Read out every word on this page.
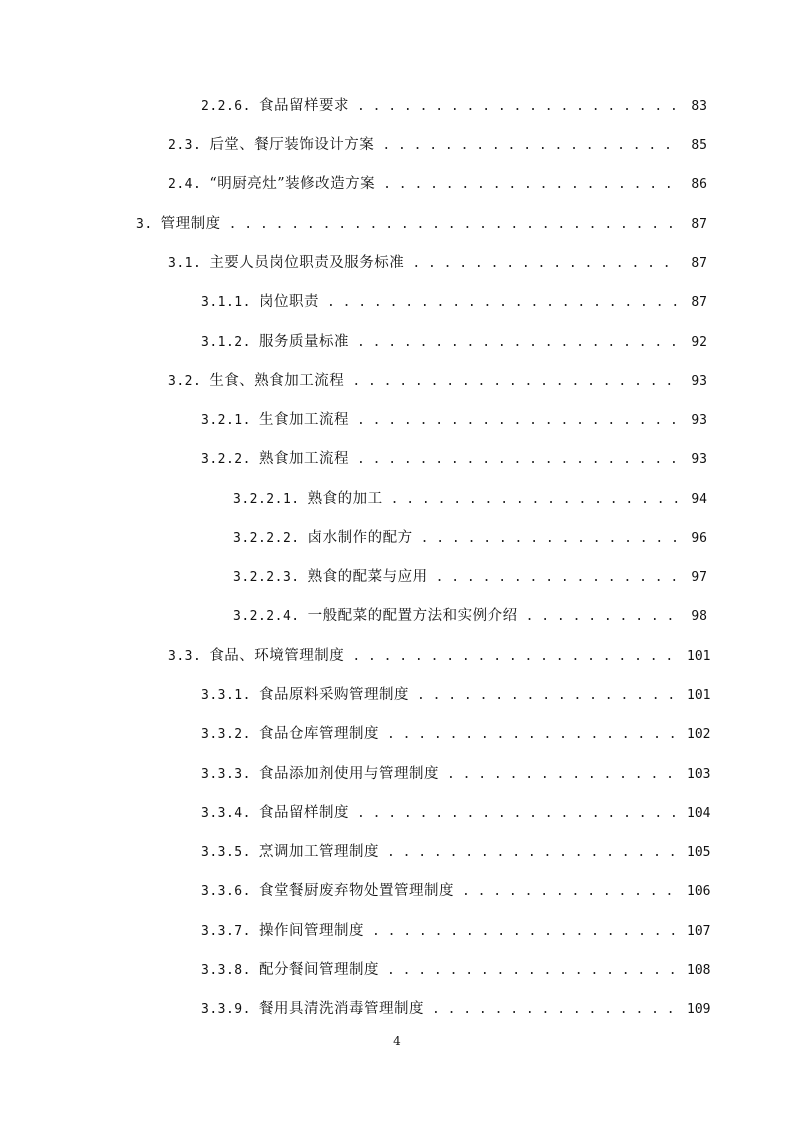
2.2.6. 食品留样要求 . . .	83
2.3. 后堂、餐厅装饰设计方案 . . .	85
2.4. “明厨亮灶”装修改造方案 . . .	86
3. 管理制度 . . .	87
3.1. 主要人员岗位职责及服务标准 . . .	87
3.1.1. 岗位职责 . . .	87
3.1.2. 服务质量标准 . . .	92
3.2. 生食、熟食加工流程 . . .	93
3.2.1. 生食加工流程 . . .	93
3.2.2. 熟食加工流程 . . .	93
3.2.2.1. 熟食的加工 . . .	94
3.2.2.2. 卤水制作的配方 . . .	96
3.2.2.3. 熟食的配菜与应用 . . .	97
3.2.2.4. 一般配菜的配置方法和实例介绍 . . .	98
3.3. 食品、环境管理制度 . . .	101
3.3.1. 食品原料采购管理制度 . . .	101
3.3.2. 食品仓库管理制度 . . .	102
3.3.3. 食品添加剂使用与管理制度 . . .	103
3.3.4. 食品留样制度 . . .	104
3.3.5. 烹调加工管理制度 . . .	105
3.3.6. 食堂餐厨废弃物处置管理制度 . . .	106
3.3.7. 操作间管理制度 . . .	107
3.3.8. 配分餐间管理制度 . . .	108
3.3.9. 餐用具清洗消毒管理制度 . . .	109
4
